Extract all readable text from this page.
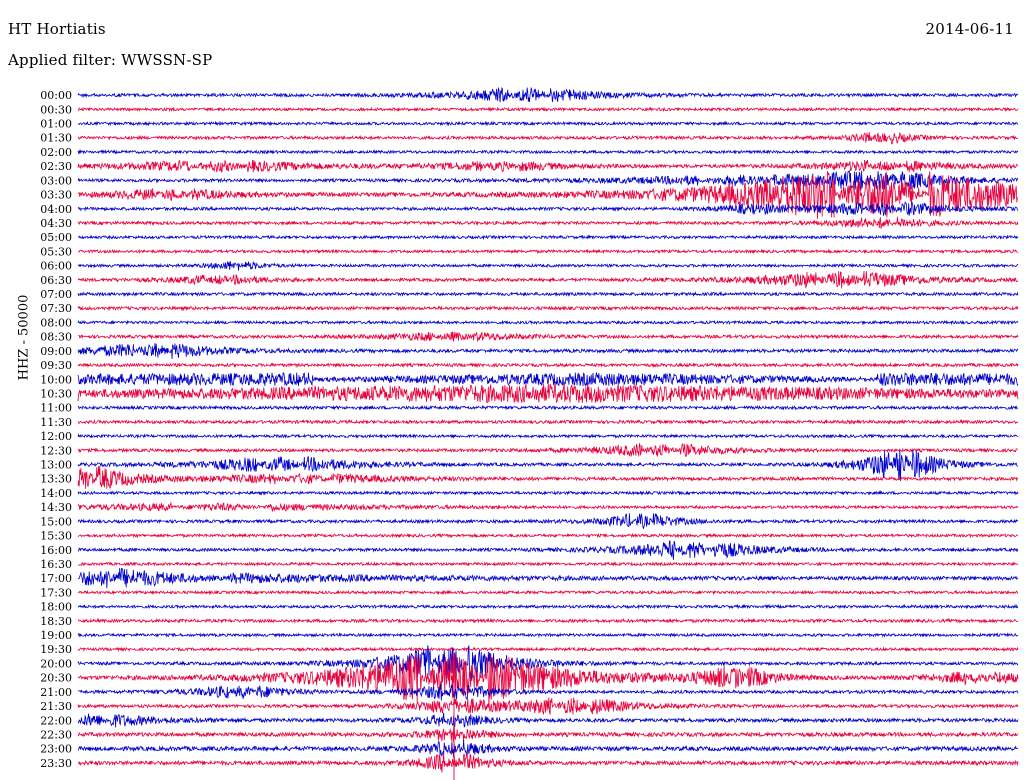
HT Hortiatis
Applied filter: WWSSN-SP
2014-06-11
HHZ - 50000
00:00
00:30
01:00
01:30
02:00
02:30
03:00
03:30
04:00
04:30
05:00
05:30
06:00
06:30
07:00
07:30
08:00
08:30
09:00
09:30
10:00
10:30
11:00
11:30
12:00
12:30
13:00
13:30
14:00
14:30
15:00
15:30
16:00
16:30
17:00
17:30
18:00
18:30
19:00
19:30
20:00
20:30
21:00
21:30
22:00
22:30
23:00
23:30
